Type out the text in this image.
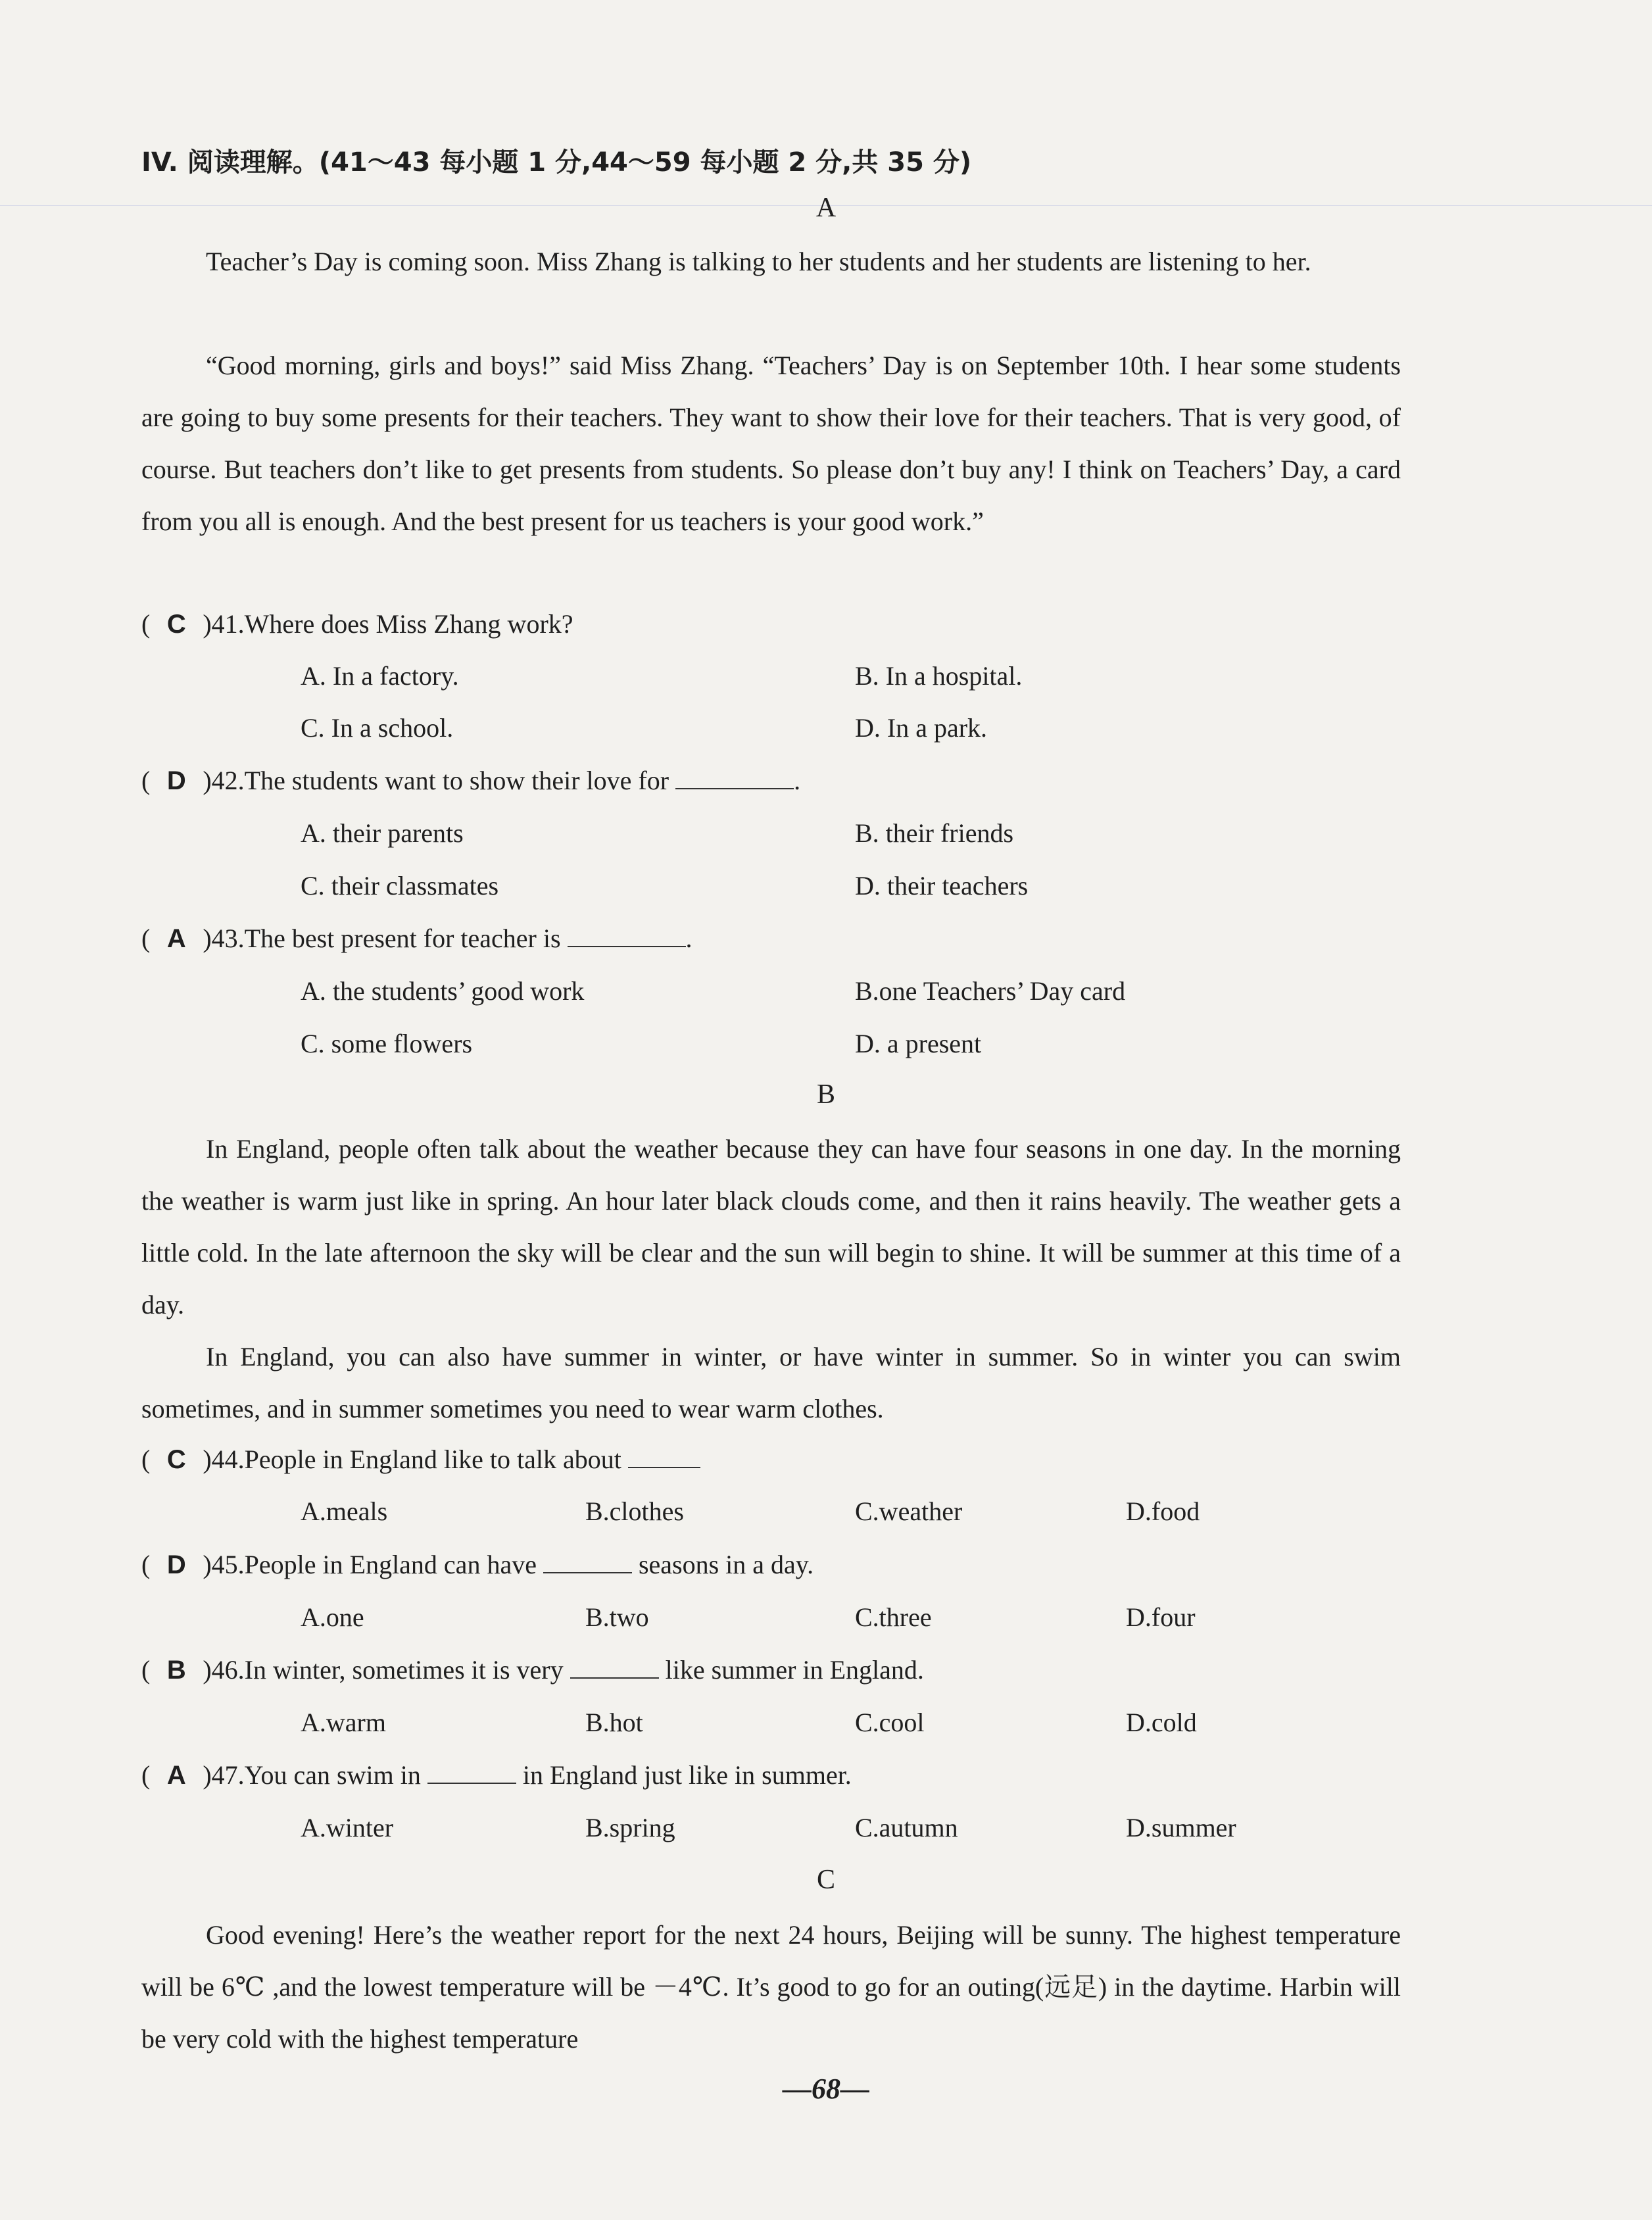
IV. 阅读理解。(41～43 每小题 1 分,44～59 每小题 2 分,共 35 分)
A

Teacher’s Day is coming soon. Miss Zhang is talking to her students and her students are listening to her.

“Good morning, girls and boys!” said Miss Zhang. “Teachers’ Day is on September 10th. I hear some students are going to buy some presents for their teachers. They want to show their love for their teachers. That is very good, of course. But teachers don’t like to get presents from students. So please don’t buy any! I think on Teachers’ Day, a card from you all is enough. And the best present for us teachers is your good work.”

( C )41.Where does Miss Zhang work?
A. In a factory.	B. In a hospital.
C. In a school.	D. In a park.
( D )42.The students want to show their love for	.
A. their parents	B. their friends
C. their classmates	D. their teachers
( A )43.The best present for teacher is	.
A. the students’ good work	B.one Teachers’ Day card
C. some flowers	D. a present
B

In England, people often talk about the weather because they can have four seasons in one day. In the morning the weather is warm just like in spring. An hour later black clouds come, and then it rains heavily. The weather gets a little cold. In the late afternoon the sky will be clear and the sun will begin to shine. It will be summer at this time of a day.

In England, you can also have summer in winter, or have winter in summer. So in winter you can swim sometimes, and in summer sometimes you need to wear warm clothes.

( C )44.People in England like to talk about
A.meals	B.clothes	C.weather	D.food
( D )45.People in England can have	seasons in a day.
A.one	B.two	C.three	D.four
( B )46.In winter, sometimes it is very	like summer in England.
A.warm	B.hot	C.cool	D.cold
( A )47.You can swim in	in England just like in summer.
A.winter	B.spring	C.autumn	D.summer
C

Good evening! Here’s the weather report for the next 24 hours, Beijing will be sunny. The highest temperature will be 6℃ ,and the lowest temperature will be －4℃. It’s good to go for an outing(远足) in the daytime. Harbin will be very cold with the highest temperature

—68—
